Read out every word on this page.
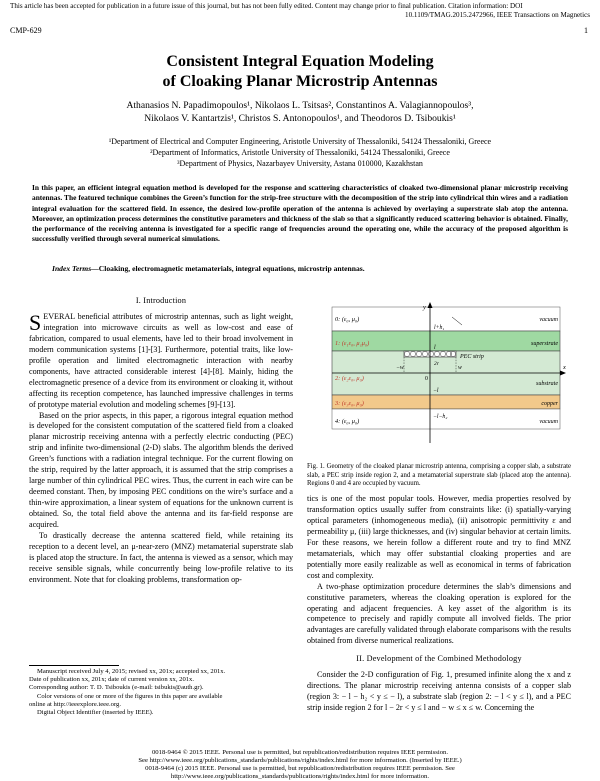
This article has been accepted for publication in a future issue of this journal, but has not been fully edited. Content may change prior to final publication. Citation information: DOI
10.1109/TMAG.2015.2472966, IEEE Transactions on Magnetics
CMP-629	1
Consistent Integral Equation Modeling
of Cloaking Planar Microstrip Antennas
Athanasios N. Papadimopoulos¹, Nikolaos L. Tsitsas², Constantinos A. Valagiannopoulos³,
Nikolaos V. Kantartzis¹, Christos S. Antonopoulos¹, and Theodoros D. Tsiboukis¹
¹Department of Electrical and Computer Engineering, Aristotle University of Thessaloniki, 54124 Thessaloniki, Greece
²Department of Informatics, Aristotle University of Thessaloniki, 54124 Thessaloniki, Greece
³Department of Physics, Nazarbayev University, Astana 010000, Kazakhstan
In this paper, an efficient integral equation method is developed for the response and scattering characteristics of cloaked two-dimensional planar microstrip receiving antennas. The featured technique combines the Green’s function for the strip-free structure with the decomposition of the strip into cylindrical thin wires and a radiation integral evaluation for the scattered field. In essence, the desired low-profile operation of the antenna is achieved by overlaying a superstrate slab atop the antenna. Moreover, an optimization process determines the constitutive parameters and thickness of the slab so that a significantly reduced scattering behavior is obtained. Finally, the performance of the receiving antenna is investigated for a specific range of frequencies around the operating one, while the accuracy of the proposed algorithm is successfully verified through several numerical simulations.
Index Terms—Cloaking, electromagnetic metamaterials, integral equations, microstrip antennas.
I. Introduction

SEVERAL beneficial attributes of microstrip antennas, such as light weight, integration into microwave circuits as well as low-cost and ease of fabrication, compared to usual elements, have led to their broad involvement in modern communication systems [1]-[3]. Furthermore, potential traits, like low-profile operation and limited electromagnetic interaction with nearby components, have attracted considerable interest [4]-[8]. Mainly, hiding the electromagnetic presence of a device from its environment or cloaking it, without affecting its reception competence, has launched impressive challenges in terms of prototype material evolution and modeling schemes [9]-[13].

Based on the prior aspects, in this paper, a rigorous integral equation method is developed for the consistent computation of the scattered field from a cloaked planar microstrip receiving antenna with a perfectly electric conducting (PEC) strip and infinite two-dimensional (2-D) slabs. The algorithm blends the derived Green’s functions with a radiation integral technique. For the current flowing on the strip, required by the latter approach, it is assumed that the strip comprises a large number of thin cylindrical PEC wires. Thus, the current in each wire can be deemed constant. Then, by imposing PEC conditions on the wire’s surface and a thin-wire approximation, a linear system of equations for the unknown current is obtained. So, the total field above the antenna and its far-field response are acquired.

To drastically decrease the antenna scattered field, while retaining its reception to a decent level, an μ-near-zero (MNZ) metamaterial superstrate slab is placed atop the structure. In fact, the antenna is viewed as a sensor, which may receive sensible signals, while concurrently being low-profile relative to its environment. Note that for cloaking problems, transformation op-

Manuscript received July 4, 2015; revised xx, 201x; accepted xx, 201x.
Date of publication xx, 201x; date of current version xx, 201x.
Corresponding author: T. D. Tsiboukis (e-mail: tsibukis@auth.gr).
Color versions of one or more of the figures in this paper are available
online at http://ieeexplore.ieee.org.
Digital Object Identifier (inserted by IEEE).
0: (ε₀, μ₀)
1: (ε₁ε₀, μ₁μ₀)
2: (ε₂ε₀, μ₀)
3: (ε₃ε₀, μ₀)
4: (ε₀, μ₀)
vacuum
superstrate
PEC strip
substrate
copper
vacuum
x
y
l+h₁
l
−l
−l−h₂
−w	w
2r
0
Fig. 1. Geometry of the cloaked planar microstrip antenna, comprising a copper slab, a substrate slab, a PEC strip inside region 2, and a metamaterial superstrate slab (placed atop the antenna). Regions 0 and 4 are occupied by vacuum.

tics is one of the most popular tools. However, media properties resolved by transformation optics usually suffer from constraints like: (i) spatially-varying optical parameters (inhomogeneous media), (ii) anisotropic permittivity ε and permeability μ, (iii) large thicknesses, and (iv) singular behavior at certain limits. For these reasons, we herein follow a different route and try to find MNZ metamaterials, which may offer substantial cloaking properties and are potentially more easily realizable as well as economical in terms of fabrication cost and complexity.

A two-phase optimization procedure determines the slab’s dimensions and constitutive parameters, whereas the cloaking operation is explored for the operating and adjacent frequencies. A key asset of the algorithm is its competence to precisely and rapidly compute all involved fields. The prior advantages are carefully validated through elaborate comparisons with the results obtained from diverse numerical realizations.

II. Development of the Combined Methodology

Consider the 2-D configuration of Fig. 1, presumed infinite along the x and z directions. The planar microstrip receiving antenna consists of a copper slab (region 3: − l − h₂ < y ≤ − l), a substrate slab (region 2: − l < y ≤ l), and a PEC strip inside region 2 for l − 2r < y ≤ l and − w ≤ x ≤ w. Concerning the

0018-9464 © 2015 IEEE. Personal use is permitted, but republication/redistribution requires IEEE permission.
See http://www.ieee.org/publications_standards/publications/rights/index.html for more information. (Inserted by IEEE.)
0018-9464 (c) 2015 IEEE. Personal use is permitted, but republication/redistribution requires IEEE permission. See
http://www.ieee.org/publications_standards/publications/rights/index.html for more information.
